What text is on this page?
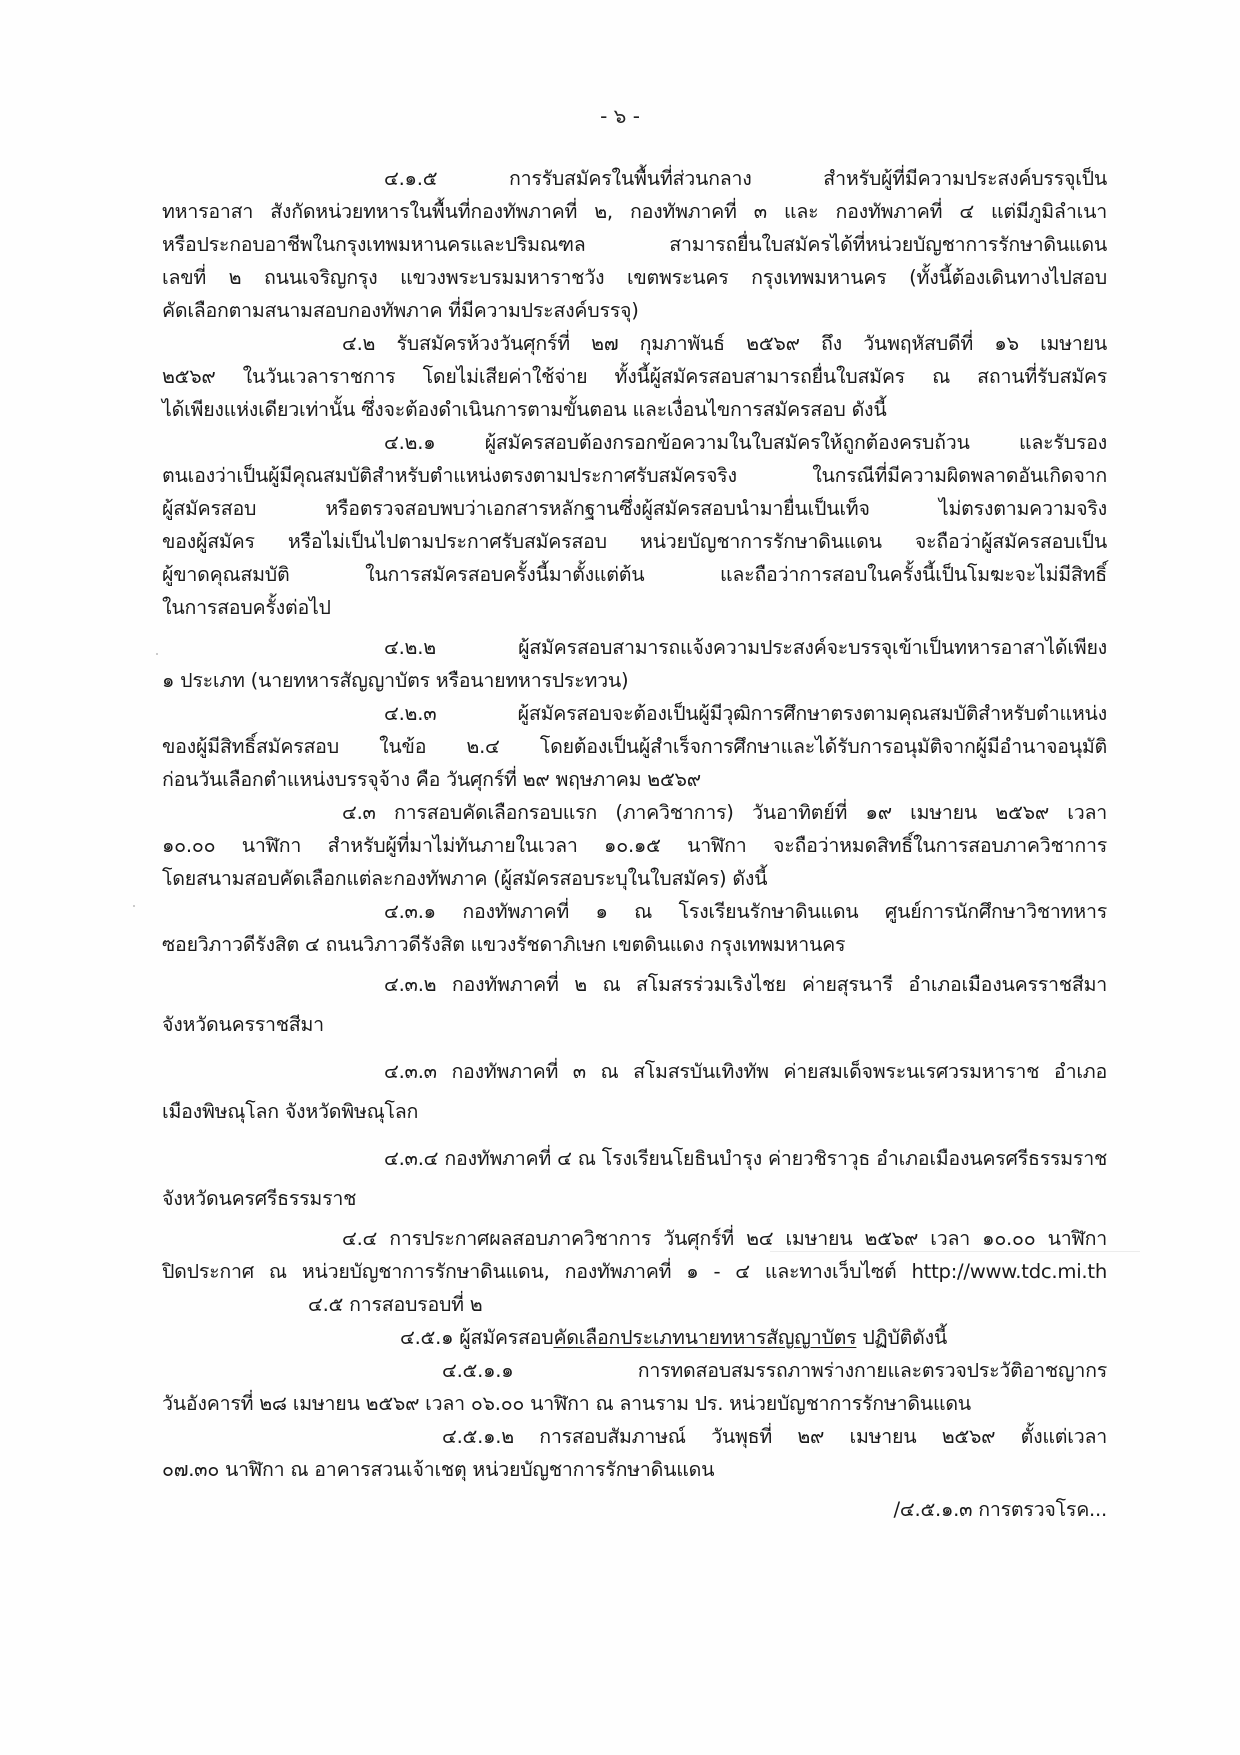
- ๖ -
๔.๑.๕ การรับสมัครในพื้นที่ส่วนกลาง สำหรับผู้ที่มีความประสงค์บรรจุเป็น
ทหารอาสา สังกัดหน่วยทหารในพื้นที่กองทัพภาคที่ ๒, กองทัพภาคที่ ๓ และ กองทัพภาคที่ ๔ แต่มีภูมิลำเนา
หรือประกอบอาชีพในกรุงเทพมหานครและปริมณฑล สามารถยื่นใบสมัครได้ที่หน่วยบัญชาการรักษาดินแดน
เลขที่ ๒ ถนนเจริญกรุง แขวงพระบรมมหาราชวัง เขตพระนคร กรุงเทพมหานคร (ทั้งนี้ต้องเดินทางไปสอบ
คัดเลือกตามสนามสอบกองทัพภาค ที่มีความประสงค์บรรจุ)
๔.๒ รับสมัครห้วงวันศุกร์ที่ ๒๗ กุมภาพันธ์ ๒๕๖๙ ถึง วันพฤหัสบดีที่ ๑๖ เมษายน
๒๕๖๙ ในวันเวลาราชการ โดยไม่เสียค่าใช้จ่าย ทั้งนี้ผู้สมัครสอบสามารถยื่นใบสมัคร ณ สถานที่รับสมัคร
ได้เพียงแห่งเดียวเท่านั้น ซึ่งจะต้องดำเนินการตามขั้นตอน และเงื่อนไขการสมัครสอบ ดังนี้
๔.๒.๑ ผู้สมัครสอบต้องกรอกข้อความในใบสมัครให้ถูกต้องครบถ้วน และรับรอง
ตนเองว่าเป็นผู้มีคุณสมบัติสำหรับตำแหน่งตรงตามประกาศรับสมัครจริง ในกรณีที่มีความผิดพลาดอันเกิดจาก
ผู้สมัครสอบ หรือตรวจสอบพบว่าเอกสารหลักฐานซึ่งผู้สมัครสอบนำมายื่นเป็นเท็จ ไม่ตรงตามความจริง
ของผู้สมัคร หรือไม่เป็นไปตามประกาศรับสมัครสอบ หน่วยบัญชาการรักษาดินแดน จะถือว่าผู้สมัครสอบเป็น
ผู้ขาดคุณสมบัติ ในการสมัครสอบครั้งนี้มาตั้งแต่ต้น และถือว่าการสอบในครั้งนี้เป็นโมฆะจะไม่มีสิทธิ์
ในการสอบครั้งต่อไป
๔.๒.๒ ผู้สมัครสอบสามารถแจ้งความประสงค์จะบรรจุเข้าเป็นทหารอาสาได้เพียง
๑ ประเภท (นายทหารสัญญาบัตร หรือนายทหารประทวน)
๔.๒.๓ ผู้สมัครสอบจะต้องเป็นผู้มีวุฒิการศึกษาตรงตามคุณสมบัติสำหรับตำแหน่ง
ของผู้มีสิทธิ์สมัครสอบ ในข้อ ๒.๔ โดยต้องเป็นผู้สำเร็จการศึกษาและได้รับการอนุมัติจากผู้มีอำนาจอนุมัติ
ก่อนวันเลือกตำแหน่งบรรจุจ้าง คือ วันศุกร์ที่ ๒๙ พฤษภาคม ๒๕๖๙
๔.๓ การสอบคัดเลือกรอบแรก (ภาควิชาการ) วันอาทิตย์ที่ ๑๙ เมษายน ๒๕๖๙ เวลา
๑๐.๐๐ นาฬิกา สำหรับผู้ที่มาไม่ทันภายในเวลา ๑๐.๑๕ นาฬิกา จะถือว่าหมดสิทธิ์ในการสอบภาควิชาการ
โดยสนามสอบคัดเลือกแต่ละกองทัพภาค (ผู้สมัครสอบระบุในใบสมัคร) ดังนี้
๔.๓.๑ กองทัพภาคที่ ๑ ณ โรงเรียนรักษาดินแดน ศูนย์การนักศึกษาวิชาทหาร
ซอยวิภาวดีรังสิต ๔ ถนนวิภาวดีรังสิต แขวงรัชดาภิเษก เขตดินแดง กรุงเทพมหานคร
๔.๓.๒ กองทัพภาคที่ ๒ ณ สโมสรร่วมเริงไชย ค่ายสุรนารี อำเภอเมืองนครราชสีมา
จังหวัดนครราชสีมา
๔.๓.๓ กองทัพภาคที่ ๓ ณ สโมสรบันเทิงทัพ ค่ายสมเด็จพระนเรศวรมหาราช อำเภอ
เมืองพิษณุโลก จังหวัดพิษณุโลก
๔.๓.๔ กองทัพภาคที่ ๔ ณ โรงเรียนโยธินบำรุง ค่ายวชิราวุธ อำเภอเมืองนครศรีธรรมราช
จังหวัดนครศรีธรรมราช
๔.๔ การประกาศผลสอบภาควิชาการ วันศุกร์ที่ ๒๔ เมษายน ๒๕๖๙ เวลา ๑๐.๐๐ นาฬิกา
ปิดประกาศ ณ หน่วยบัญชาการรักษาดินแดน, กองทัพภาคที่ ๑ - ๔ และทางเว็บไซต์ http://www.tdc.mi.th
๔.๕ การสอบรอบที่ ๒
๔.๕.๑ ผู้สมัครสอบคัดเลือกประเภทนายทหารสัญญาบัตร ปฏิบัติดังนี้
๔.๕.๑.๑ การทดสอบสมรรถภาพร่างกายและตรวจประวัติอาชญากร
วันอังคารที่ ๒๘ เมษายน ๒๕๖๙ เวลา ๐๖.๐๐ นาฬิกา ณ ลานราม ปร. หน่วยบัญชาการรักษาดินแดน
๔.๕.๑.๒ การสอบสัมภาษณ์ วันพุธที่ ๒๙ เมษายน ๒๕๖๙ ตั้งแต่เวลา
๐๗.๓๐ นาฬิกา ณ อาคารสวนเจ้าเชตุ หน่วยบัญชาการรักษาดินแดน
/๔.๕.๑.๓ การตรวจโรค...
